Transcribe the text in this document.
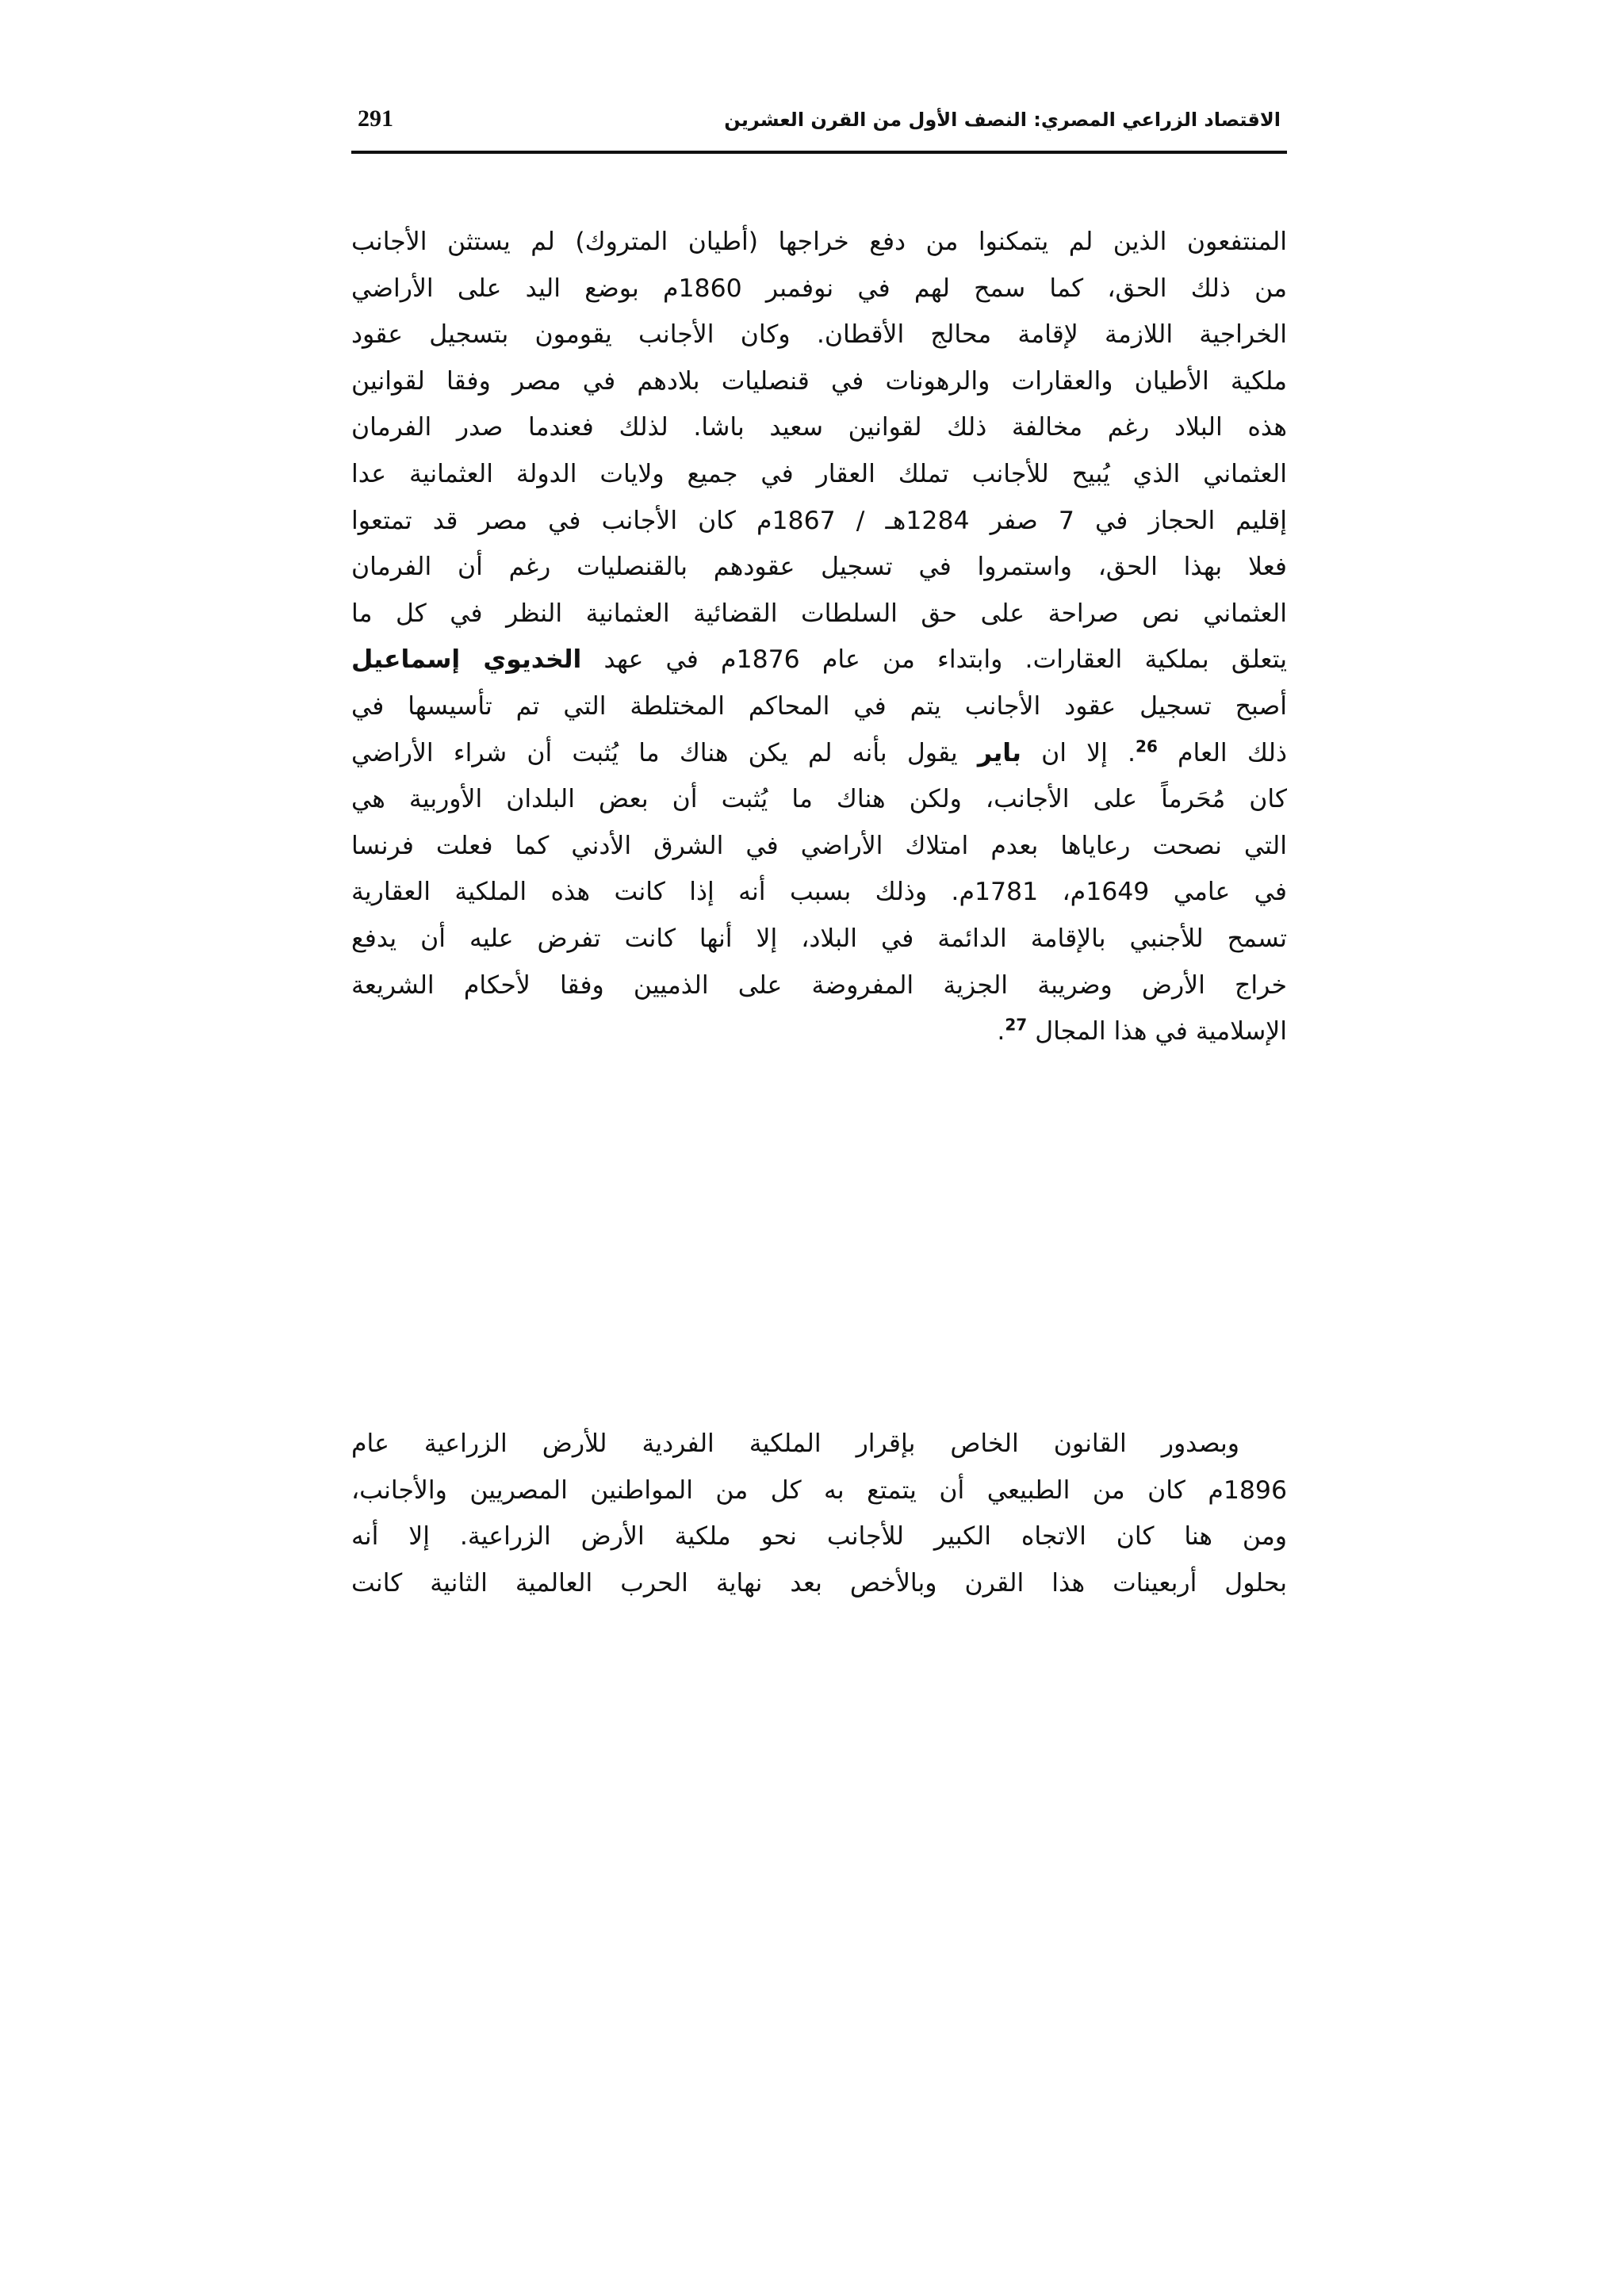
291	الاقتصاد الزراعي المصري: النصف الأول من القرن العشرين
المنتفعون الذين لم يتمكنوا من دفع خراجها (أطيان المتروك) لم يستثن الأجانب
من ذلك الحق، كما سمح لهم في نوفمبر 1860م بوضع اليد على الأراضي
الخراجية اللازمة لإقامة محالج الأقطان. وكان الأجانب يقومون بتسجيل عقود
ملكية الأطيان والعقارات والرهونات في قنصليات بلادهم في مصر وفقا لقوانين
هذه البلاد رغم مخالفة ذلك لقوانين سعيد باشا. لذلك فعندما صدر الفرمان
العثماني الذي يُبيح للأجانب تملك العقار في جميع ولايات الدولة العثمانية عدا
إقليم الحجاز في 7 صفر 1284هـ / 1867م كان الأجانب في مصر قد تمتعوا
فعلا بهذا الحق، واستمروا في تسجيل عقودهم بالقنصليات رغم أن الفرمان
العثماني نص صراحة على حق السلطات القضائية العثمانية النظر في كل ما
يتعلق بملكية العقارات. وابتداء من عام 1876م في عهد الخديوي إسماعيل
أصبح تسجيل عقود الأجانب يتم في المحاكم المختلطة التي تم تأسيسها في
ذلك العام $^{26}$. إلا ان باير يقول بأنه لم يكن هناك ما يُثبت أن شراء الأراضي
كان مُحَرماً على الأجانب، ولكن هناك ما يُثبت أن بعض البلدان الأوربية هي
التي نصحت رعاياها بعدم امتلاك الأراضي في الشرق الأدني كما فعلت فرنسا
في عامي 1649م، 1781م. وذلك بسبب أنه إذا كانت هذه الملكية العقارية
تسمح للأجنبي بالإقامة الدائمة في البلاد، إلا أنها كانت تفرض عليه أن يدفع
خراج الأرض وضريبة الجزية المفروضة على الذميين وفقا لأحكام الشريعة
الإسلامية في هذا المجال $^{27}$.
وبصدور القانون الخاص بإقرار الملكية الفردية للأرض الزراعية عام
1896م كان من الطبيعي أن يتمتع به كل من المواطنين المصريين والأجانب،
ومن هنا كان الاتجاه الكبير للأجانب نحو ملكية الأرض الزراعية. إلا أنه
بحلول أربعينات هذا القرن وبالأخص بعد نهاية الحرب العالمية الثانية كانت
